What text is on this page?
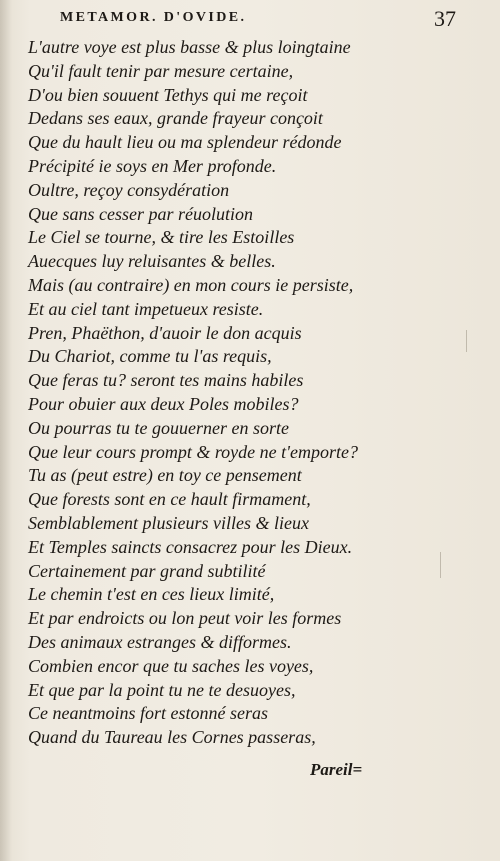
METAMOR. D'OVIDE.	37
L'autre voye est plus basse & plus loingtaine
Qu'il fault tenir par mesure certaine,
D'ou bien souuent Tethys qui me reçoit
Dedans ses eaux, grande frayeur conçoit
Que du hault lieu ou ma splendeur rédonde
Précipité ie soys en Mer profonde.
Oultre, reçoy consydération
Que sans cesser par réuolution
Le Ciel se tourne, & tire les Estoilles
Auecques luy reluisantes & belles.
Mais (au contraire) en mon cours ie persiste,
Et au ciel tant impetueux resiste.
Pren, Phaëthon, d'auoir le don acquis
Du Chariot, comme tu l'as requis,
Que feras tu? seront tes mains habiles
Pour obuier aux deux Poles mobiles?
Ou pourras tu te gouuerner en sorte
Que leur cours prompt & royde ne t'emporte?
Tu as (peut estre) en toy ce pensement
Que forests sont en ce hault firmament,
Semblablement plusieurs villes & lieux
Et Temples saincts consacrez pour les Dieux.
Certainement par grand subtilité
Le chemin t'est en ces lieux limité,
Et par endroicts ou lon peut voir les formes
Des animaux estranges & difformes.
Combien encor que tu saches les voyes,
Et que par la point tu ne te desuoyes,
Ce neantmoins fort estonné seras
Quand du Taureau les Cornes passeras,
Pareil=
